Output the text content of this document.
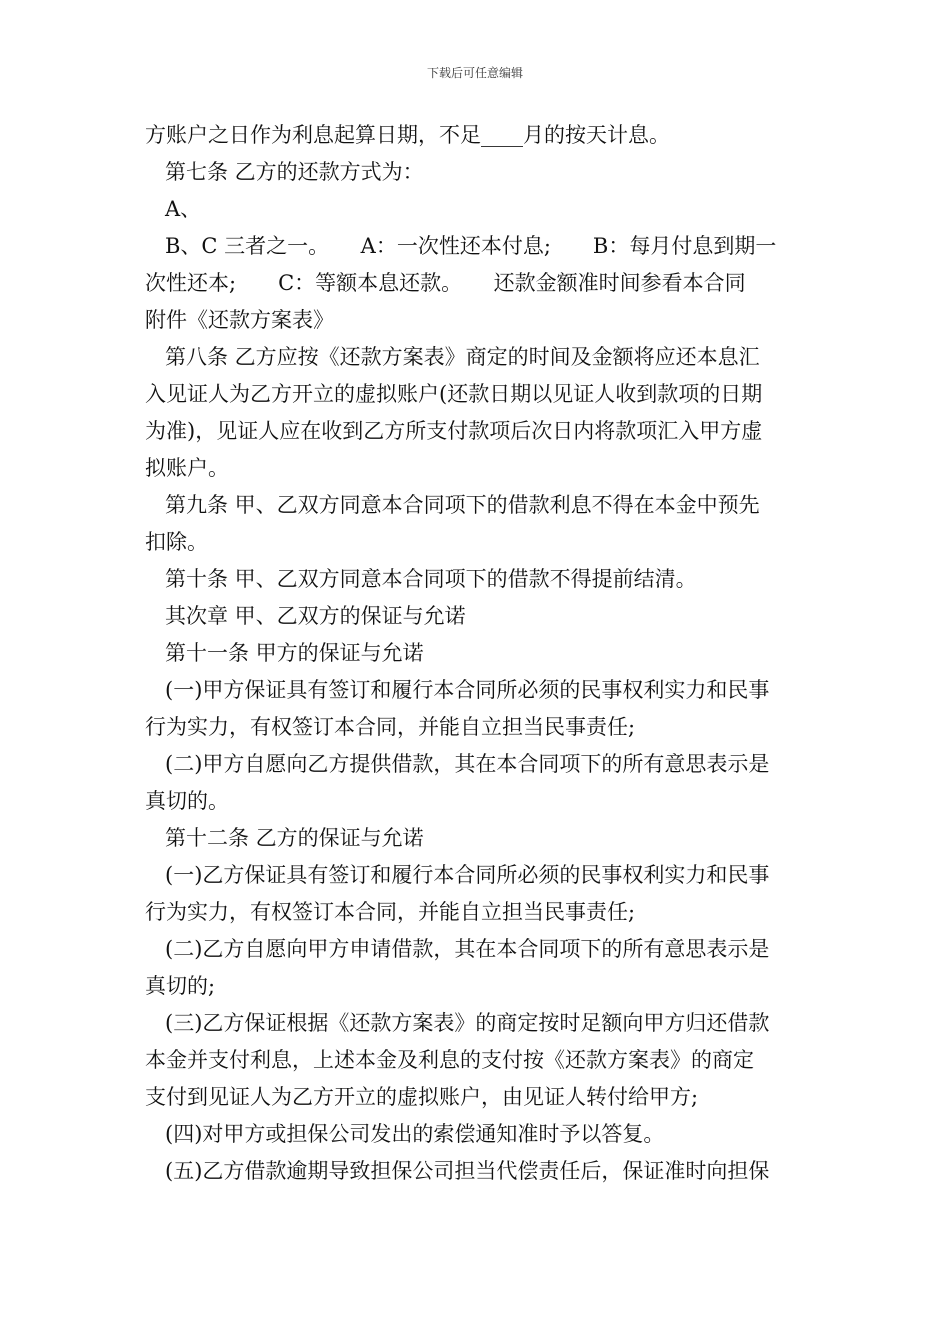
下载后可任意编辑
方账户之日作为利息起算日期，不足____月的按天计息。
第七条 乙方的还款方式为：
A、
B、C 三者之一。　　A：一次性还本付息;　　B：每月付息到期一
次性还本;　　C：等额本息还款。　　还款金额准时间参看本合同
附件《还款方案表》
第八条 乙方应按《还款方案表》商定的时间及金额将应还本息汇
入见证人为乙方开立的虚拟账户(还款日期以见证人收到款项的日期
为准)，见证人应在收到乙方所支付款项后次日内将款项汇入甲方虚
拟账户。
第九条 甲、乙双方同意本合同项下的借款利息不得在本金中预先
扣除。
第十条 甲、乙双方同意本合同项下的借款不得提前结清。
其次章 甲、乙双方的保证与允诺
第十一条 甲方的保证与允诺
(一)甲方保证具有签订和履行本合同所必须的民事权利实力和民事
行为实力，有权签订本合同，并能自立担当民事责任;
(二)甲方自愿向乙方提供借款，其在本合同项下的所有意思表示是
真切的。
第十二条 乙方的保证与允诺
(一)乙方保证具有签订和履行本合同所必须的民事权利实力和民事
行为实力，有权签订本合同，并能自立担当民事责任;
(二)乙方自愿向甲方申请借款，其在本合同项下的所有意思表示是
真切的;
(三)乙方保证根据《还款方案表》的商定按时足额向甲方归还借款
本金并支付利息，上述本金及利息的支付按《还款方案表》的商定
支付到见证人为乙方开立的虚拟账户，由见证人转付给甲方;
(四)对甲方或担保公司发出的索偿通知准时予以答复。
(五)乙方借款逾期导致担保公司担当代偿责任后，保证准时向担保
